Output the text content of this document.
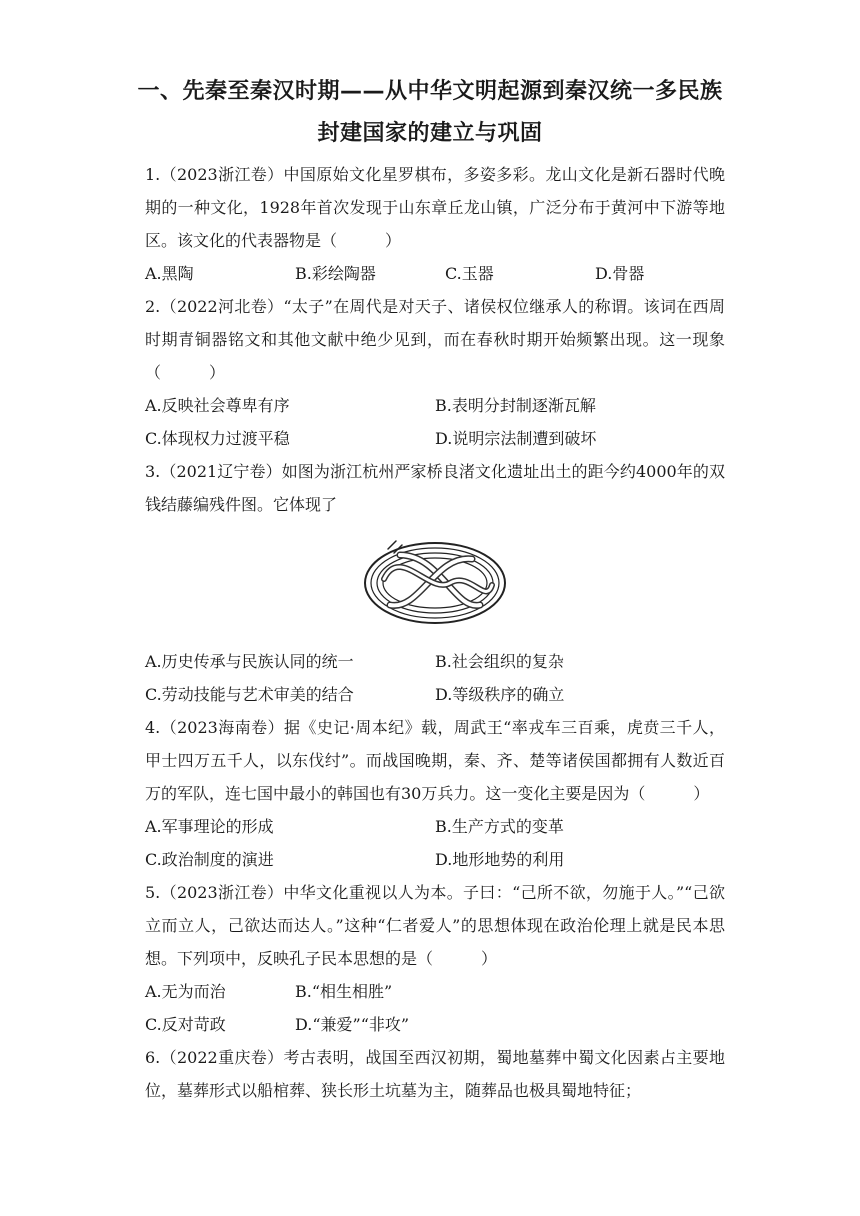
一、先秦至秦汉时期——从中华文明起源到秦汉统一多民族
封建国家的建立与巩固
1.（2023浙江卷）中国原始文化星罗棋布，多姿多彩。龙山文化是新石器时代晚期的一种文化，1928年首次发现于山东章丘龙山镇，广泛分布于黄河中下游等地区。该文化的代表器物是（　　　）
A.黑陶	B.彩绘陶器	C.玉器	D.骨器
2.（2022河北卷）“太子”在周代是对天子、诸侯权位继承人的称谓。该词在西周时期青铜器铭文和其他文献中绝少见到，而在春秋时期开始频繁出现。这一现象（　　　）
A.反映社会尊卑有序	B.表明分封制逐渐瓦解
C.体现权力过渡平稳	D.说明宗法制遭到破坏
3.（2021辽宁卷）如图为浙江杭州严家桥良渚文化遗址出土的距今约4000年的双钱结藤编残件图。它体现了
A.历史传承与民族认同的统一	B.社会组织的复杂
C.劳动技能与艺术审美的结合	D.等级秩序的确立
4.（2023海南卷）据《史记·周本纪》载，周武王“率戎车三百乘，虎贲三千人，甲士四万五千人，以东伐纣”。而战国晚期，秦、齐、楚等诸侯国都拥有人数近百万的军队，连七国中最小的韩国也有30万兵力。这一变化主要是因为（　　　）
A.军事理论的形成	B.生产方式的变革
C.政治制度的演进	D.地形地势的利用
5.（2023浙江卷）中华文化重视以人为本。子曰：“己所不欲，勿施于人。”“己欲立而立人，己欲达而达人。”这种“仁者爱人”的思想体现在政治伦理上就是民本思想。下列项中，反映孔子民本思想的是（　　　）
A.无为而治	B.“相生相胜”
C.反对苛政	D.“兼爱”“非攻”
6.（2022重庆卷）考古表明，战国至西汉初期，蜀地墓葬中蜀文化因素占主要地位，墓葬形式以船棺葬、狭长形土坑墓为主，随葬品也极具蜀地特征；
